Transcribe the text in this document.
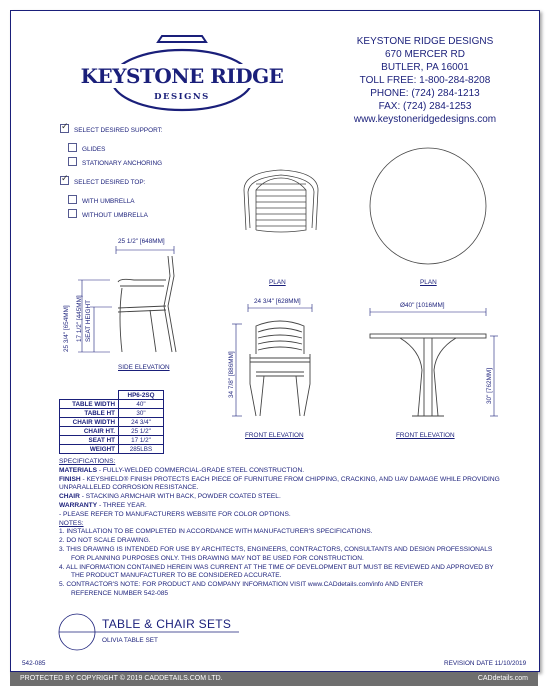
KEYSTONE RIDGE
DESIGNS
KEYSTONE RIDGE DESIGNS
670 MERCER RD
BUTLER, PA 16001
TOLL FREE: 1-800-284-8208
PHONE: (724) 284-1213
FAX: (724) 284-1253
www.keystoneridgedesigns.com
✓SELECT DESIRED SUPPORT:
GLIDES
STATIONARY ANCHORING
✓SELECT DESIRED TOP:
WITH UMBRELLA
WITHOUT UMBRELLA
PLAN	PLAN
25 1/2" [648MM]
25 3/4" [654MM] 17 1/2" [445MM] SEAT HEIGHT
SIDE ELEVATION
24 3/4" [628MM]
34 7/8" [886MM]
FRONT ELEVATION
Ø40" [1016MM]
30" [762MM]
FRONT ELEVATION
	HP6-2SQ
TABLE WIDTH	40"
TABLE HT	30"
CHAIR WIDTH	24 3/4"
CHAIR HT.	25 1/2"
SEAT HT	17 1/2"
WEIGHT	285LBS
SPECIFICATIONS:
MATERIALS - FULLY-WELDED COMMERCIAL-GRADE STEEL CONSTRUCTION.
FINISH - KEYSHIELD® FINISH PROTECTS EACH PIECE OF FURNITURE FROM CHIPPING, CRACKING, AND UAV DAMAGE WHILE PROVIDING
UNPARALLELED CORROSION RESISTANCE.
CHAIR - STACKING ARMCHAIR WITH BACK, POWDER COATED STEEL.
WARRANTY - THREE YEAR.
- PLEASE REFER TO MANUFACTURERS WEBSITE FOR COLOR OPTIONS.
NOTES:
1. INSTALLATION TO BE COMPLETED IN ACCORDANCE WITH MANUFACTURER'S SPECIFICATIONS.
2. DO NOT SCALE DRAWING.
3. THIS DRAWING IS INTENDED FOR USE BY ARCHITECTS, ENGINEERS, CONTRACTORS, CONSULTANTS AND DESIGN PROFESSIONALS
FOR PLANNING PURPOSES ONLY. THIS DRAWING MAY NOT BE USED FOR CONSTRUCTION.
4. ALL INFORMATION CONTAINED HEREIN WAS CURRENT AT THE TIME OF DEVELOPMENT BUT MUST BE REVIEWED AND APPROVED BY
THE PRODUCT MANUFACTURER TO BE CONSIDERED ACCURATE.
5. CONTRACTOR'S NOTE: FOR PRODUCT AND COMPANY INFORMATION VISIT www.CADdetails.com/info AND ENTER
REFERENCE NUMBER 542-085
TABLE & CHAIR SETS
OLIVIA TABLE SET
542-085	REVISION DATE 11/10/2019
PROTECTED BY COPYRIGHT © 2019 CADDETAILS.COM LTD.	CADdetails.com
